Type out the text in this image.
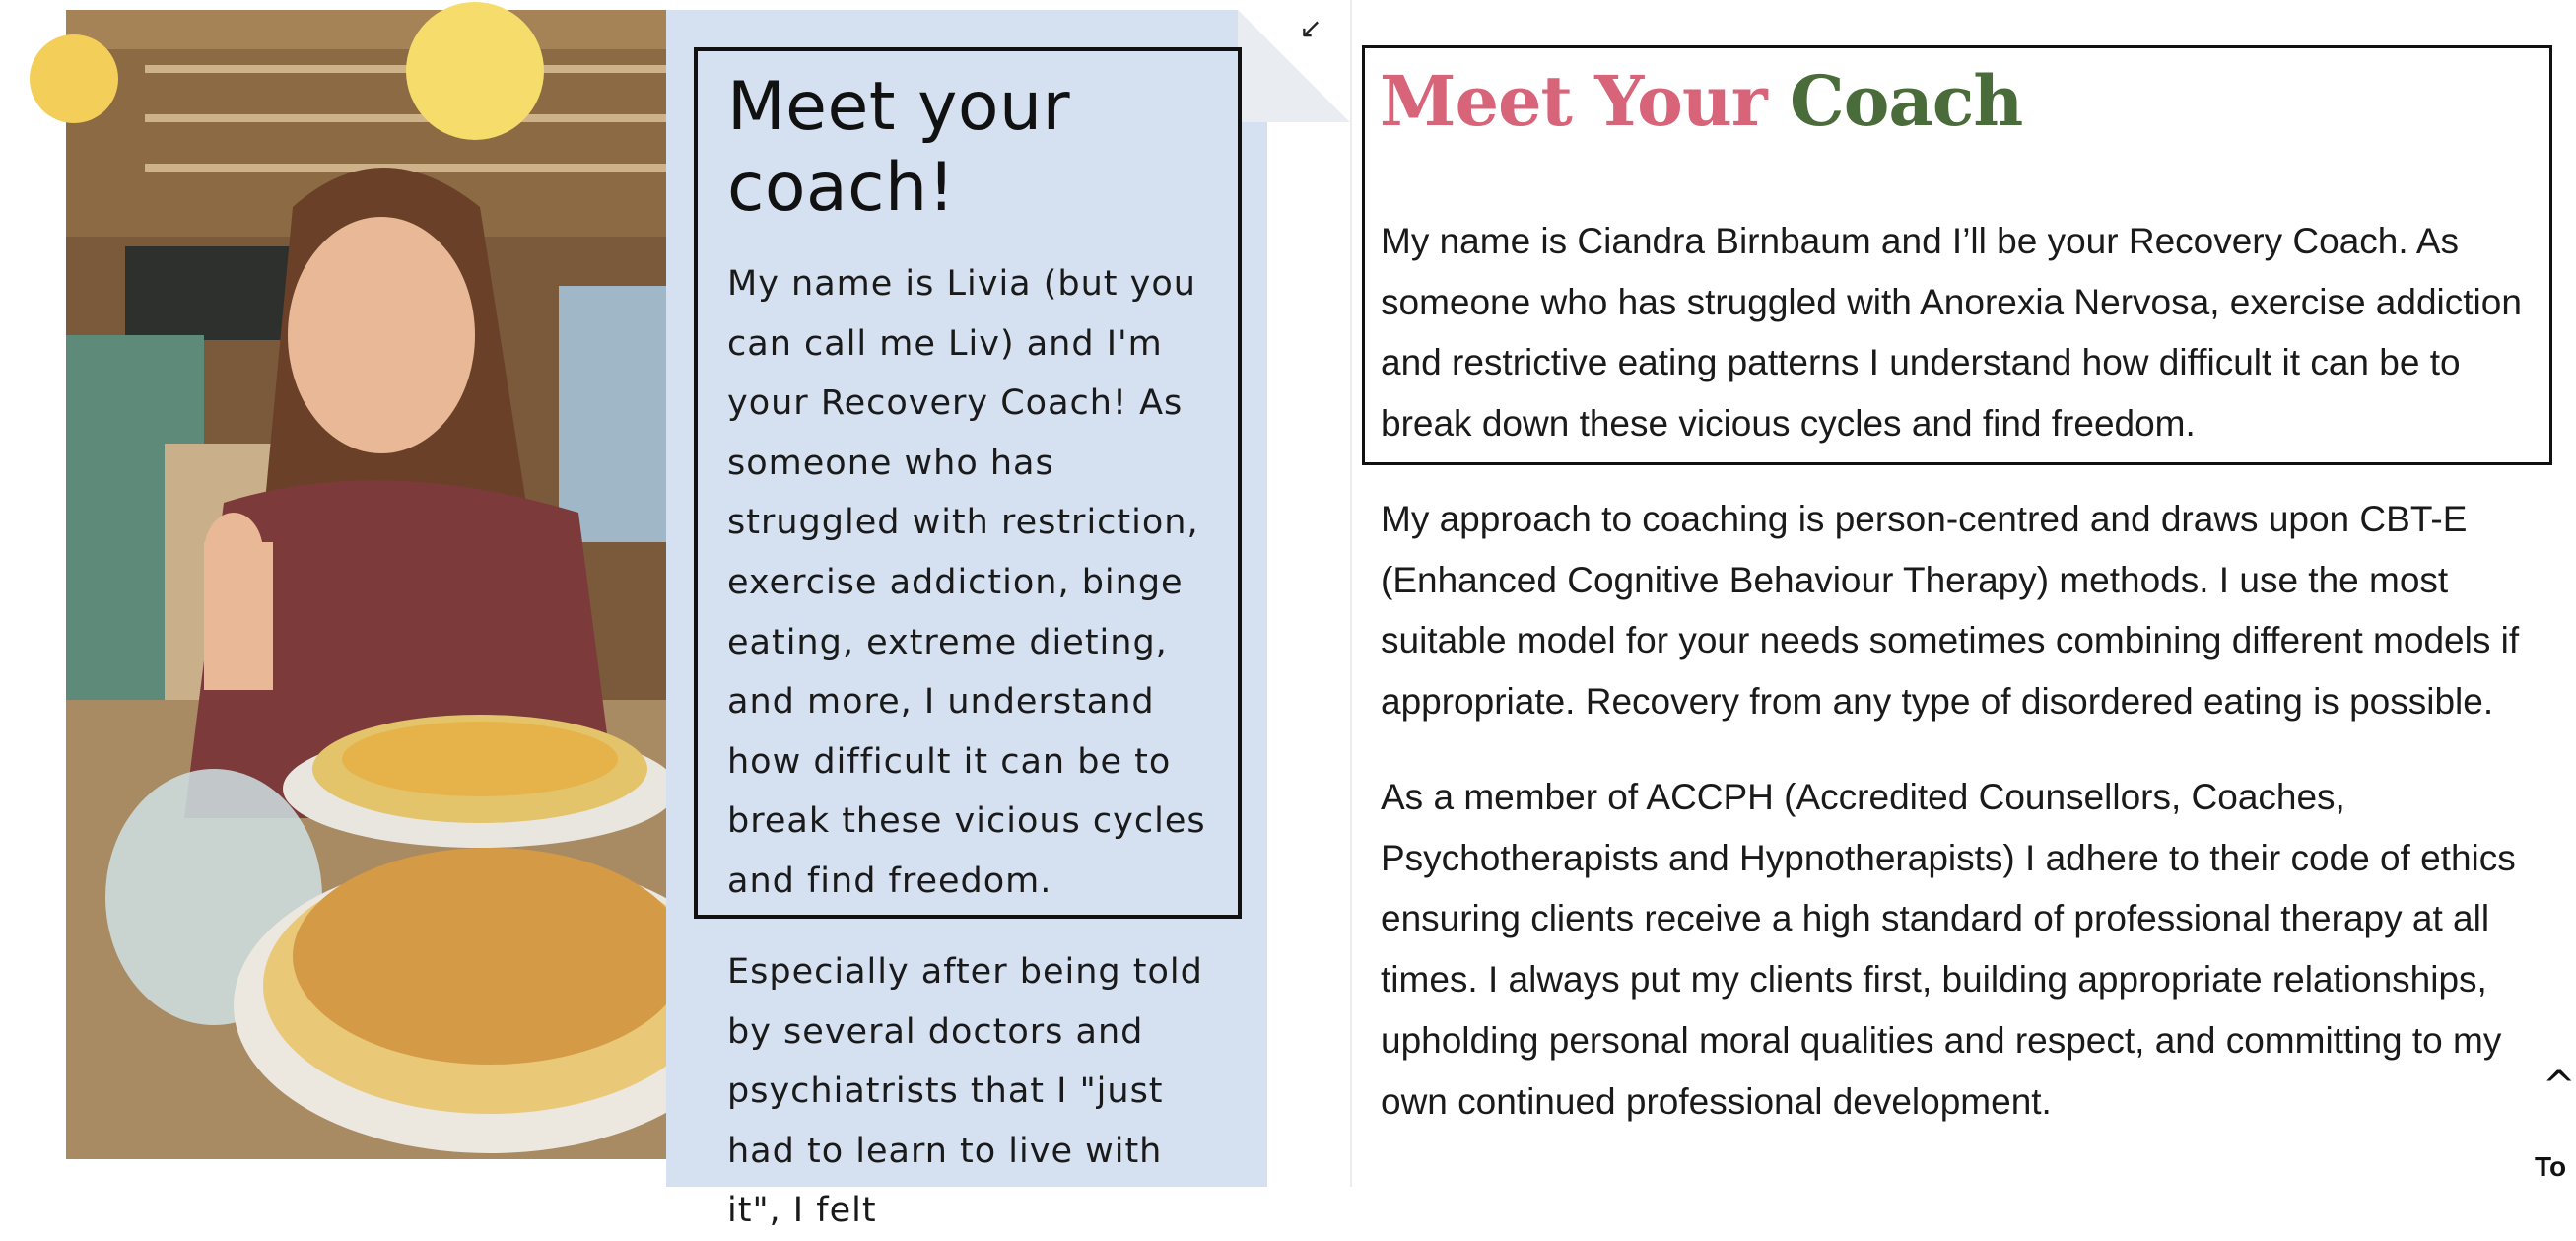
↙
Meet your coach!

My name is Livia (but you can call me Liv) and I'm your Recovery Coach! As someone who has struggled with restriction, exercise addiction, binge eating, extreme dieting, and more, I understand how difficult it can be to break these vicious cycles and find freedom.

Especially after being told by several doctors and psychiatrists that I "just had to learn to live with it", I felt

Meet Your Coach

My name is Ciandra Birnbaum and I’ll be your Recovery Coach. As someone who has struggled with Anorexia Nervosa, exercise addiction and restrictive eating patterns I understand how difficult it can be to break down these vicious cycles and find freedom.

My approach to coaching is person-centred and draws upon CBT-E (Enhanced Cognitive Behaviour Therapy) methods. I use the most suitable model for your needs sometimes combining different models if appropriate. Recovery from any type of disordered eating is possible.

As a member of ACCPH (Accredited Counsellors, Coaches, Psychotherapists and Hypnotherapists) I adhere to their code of ethics ensuring clients receive a high standard of professional therapy at all times. I always put my clients first, building appropriate relationships, upholding personal moral qualities and respect, and committing to my own continued professional development.	^
To
